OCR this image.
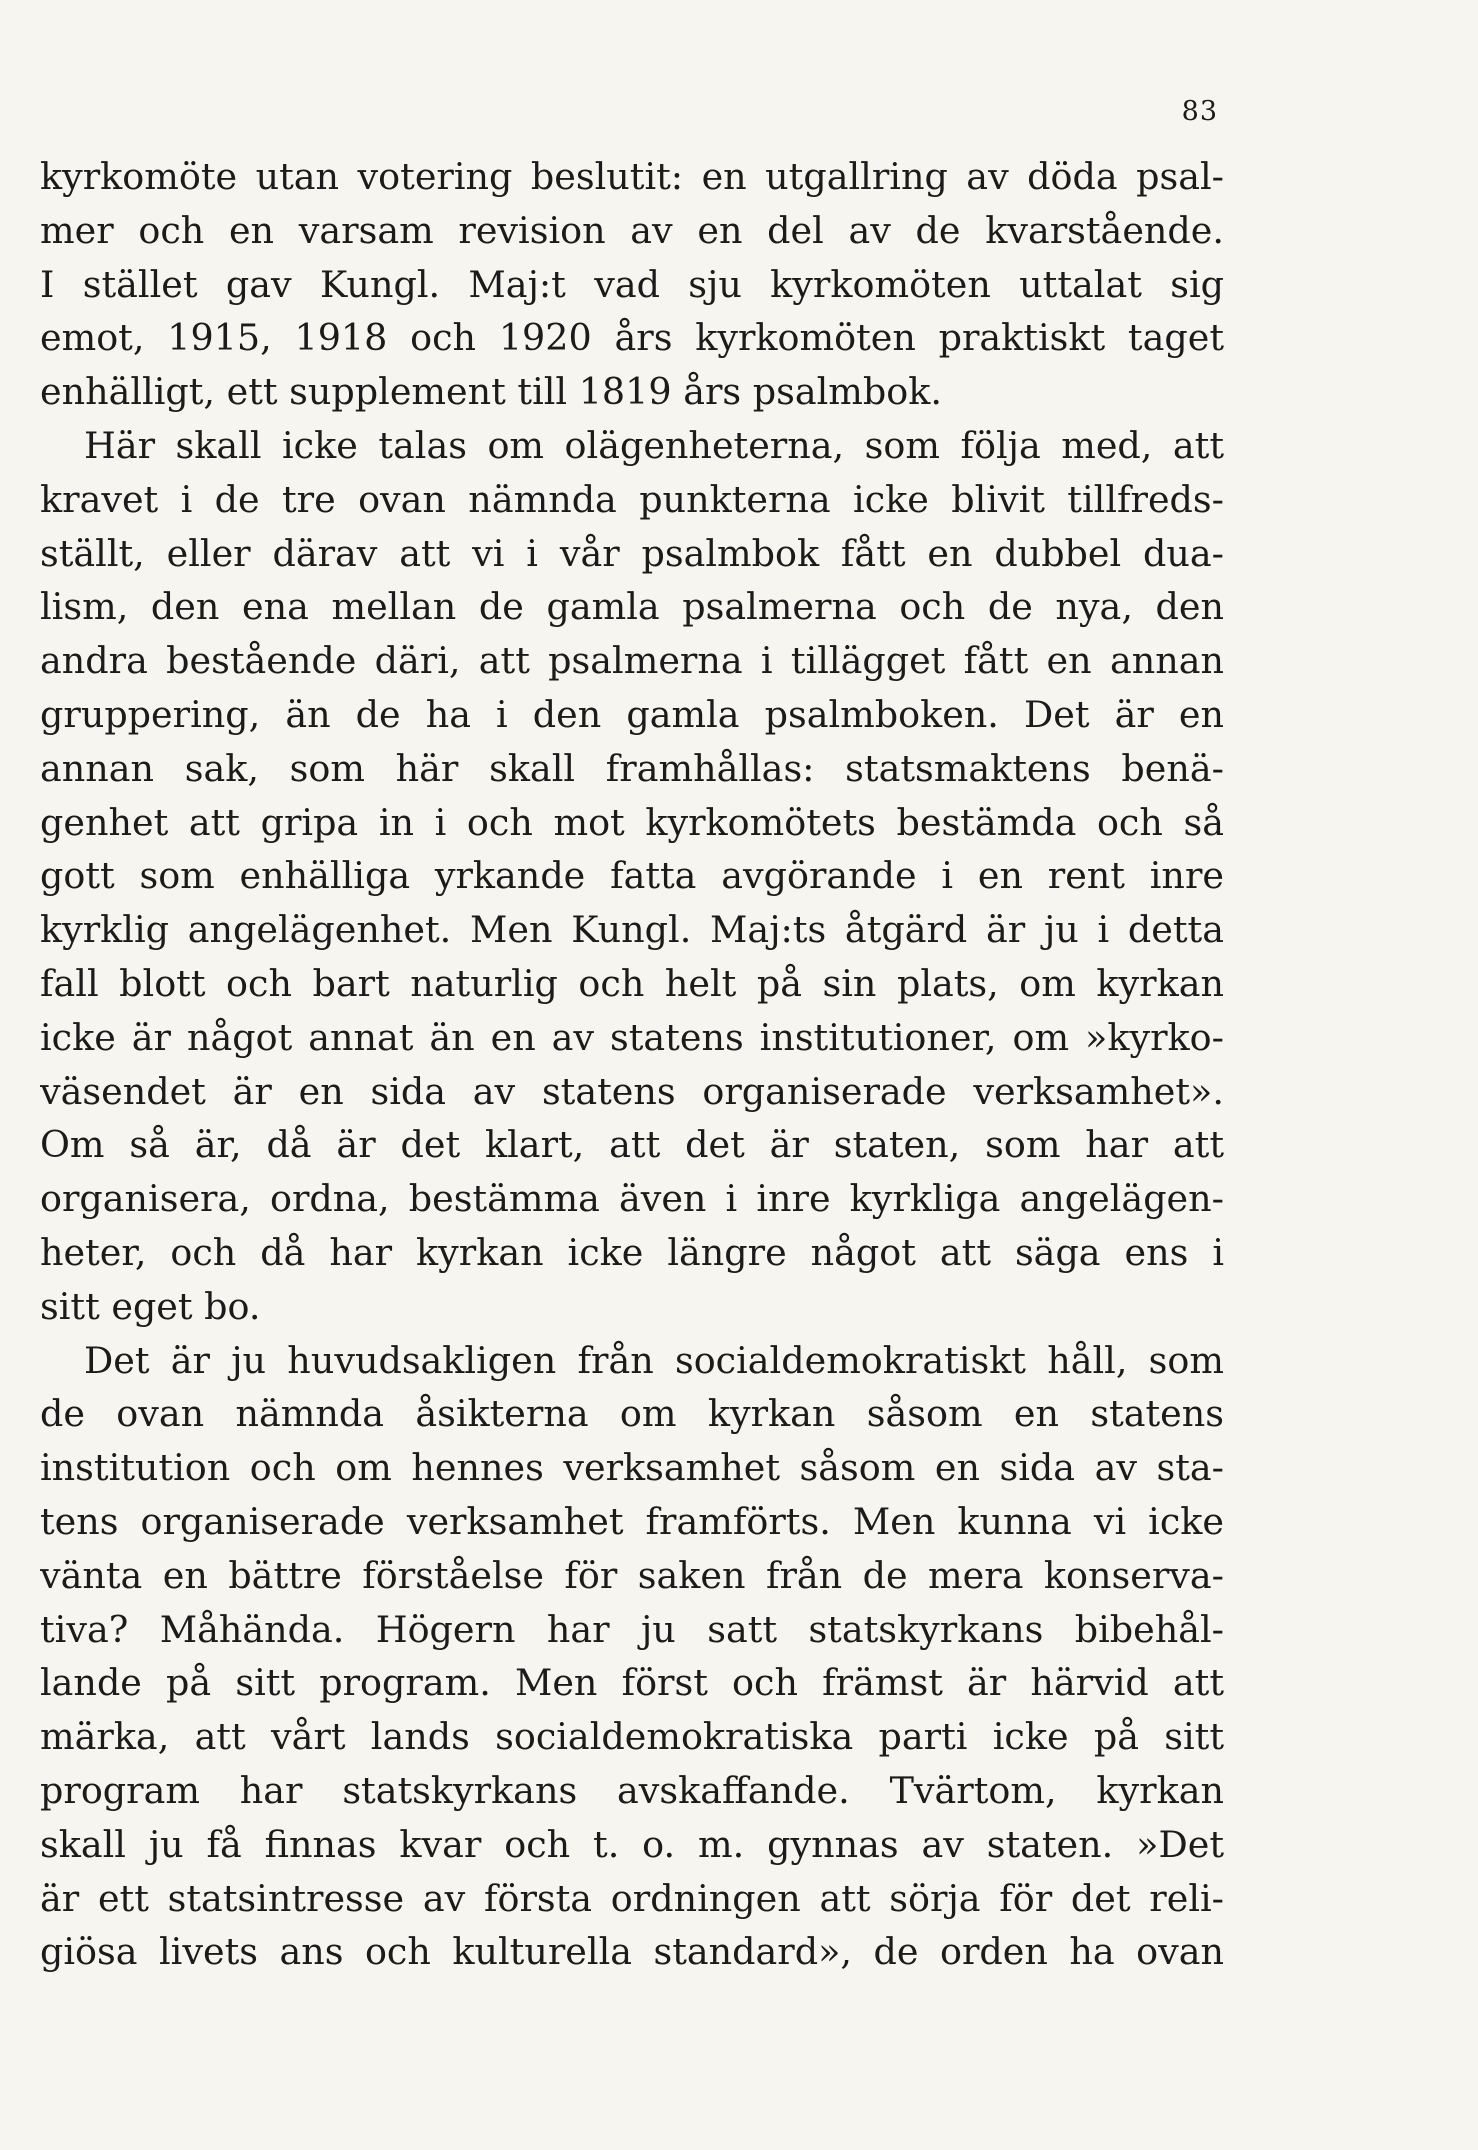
83
kyrkomöte utan votering beslutit: en utgallring av döda psal-
mer och en varsam revision av en del av de kvarstående.
I stället gav Kungl. Maj:t vad sju kyrkomöten uttalat sig
emot, 1915, 1918 och 1920 års kyrkomöten praktiskt taget
enhälligt, ett supplement till 1819 års psalmbok.
Här skall icke talas om olägenheterna, som följa med, att
kravet i de tre ovan nämnda punkterna icke blivit tillfreds-
ställt, eller därav att vi i vår psalmbok fått en dubbel dua-
lism, den ena mellan de gamla psalmerna och de nya, den
andra bestående däri, att psalmerna i tillägget fått en annan
gruppering, än de ha i den gamla psalmboken. Det är en
annan sak, som här skall framhållas: statsmaktens benä-
genhet att gripa in i och mot kyrkomötets bestämda och så
gott som enhälliga yrkande fatta avgörande i en rent inre
kyrklig angelägenhet. Men Kungl. Maj:ts åtgärd är ju i detta
fall blott och bart naturlig och helt på sin plats, om kyrkan
icke är något annat än en av statens institutioner, om »kyrko-
väsendet är en sida av statens organiserade verksamhet».
Om så är, då är det klart, att det är staten, som har att
organisera, ordna, bestämma även i inre kyrkliga angelägen-
heter, och då har kyrkan icke längre något att säga ens i
sitt eget bo.
Det är ju huvudsakligen från socialdemokratiskt håll, som
de ovan nämnda åsikterna om kyrkan såsom en statens
institution och om hennes verksamhet såsom en sida av sta-
tens organiserade verksamhet framförts. Men kunna vi icke
vänta en bättre förståelse för saken från de mera konserva-
tiva? Måhända. Högern har ju satt statskyrkans bibehål-
lande på sitt program. Men först och främst är härvid att
märka, att vårt lands socialdemokratiska parti icke på sitt
program har statskyrkans avskaffande. Tvärtom, kyrkan
skall ju få finnas kvar och t. o. m. gynnas av staten. »Det
är ett statsintresse av första ordningen att sörja för det reli-
giösa livets ans och kulturella standard», de orden ha ovan
